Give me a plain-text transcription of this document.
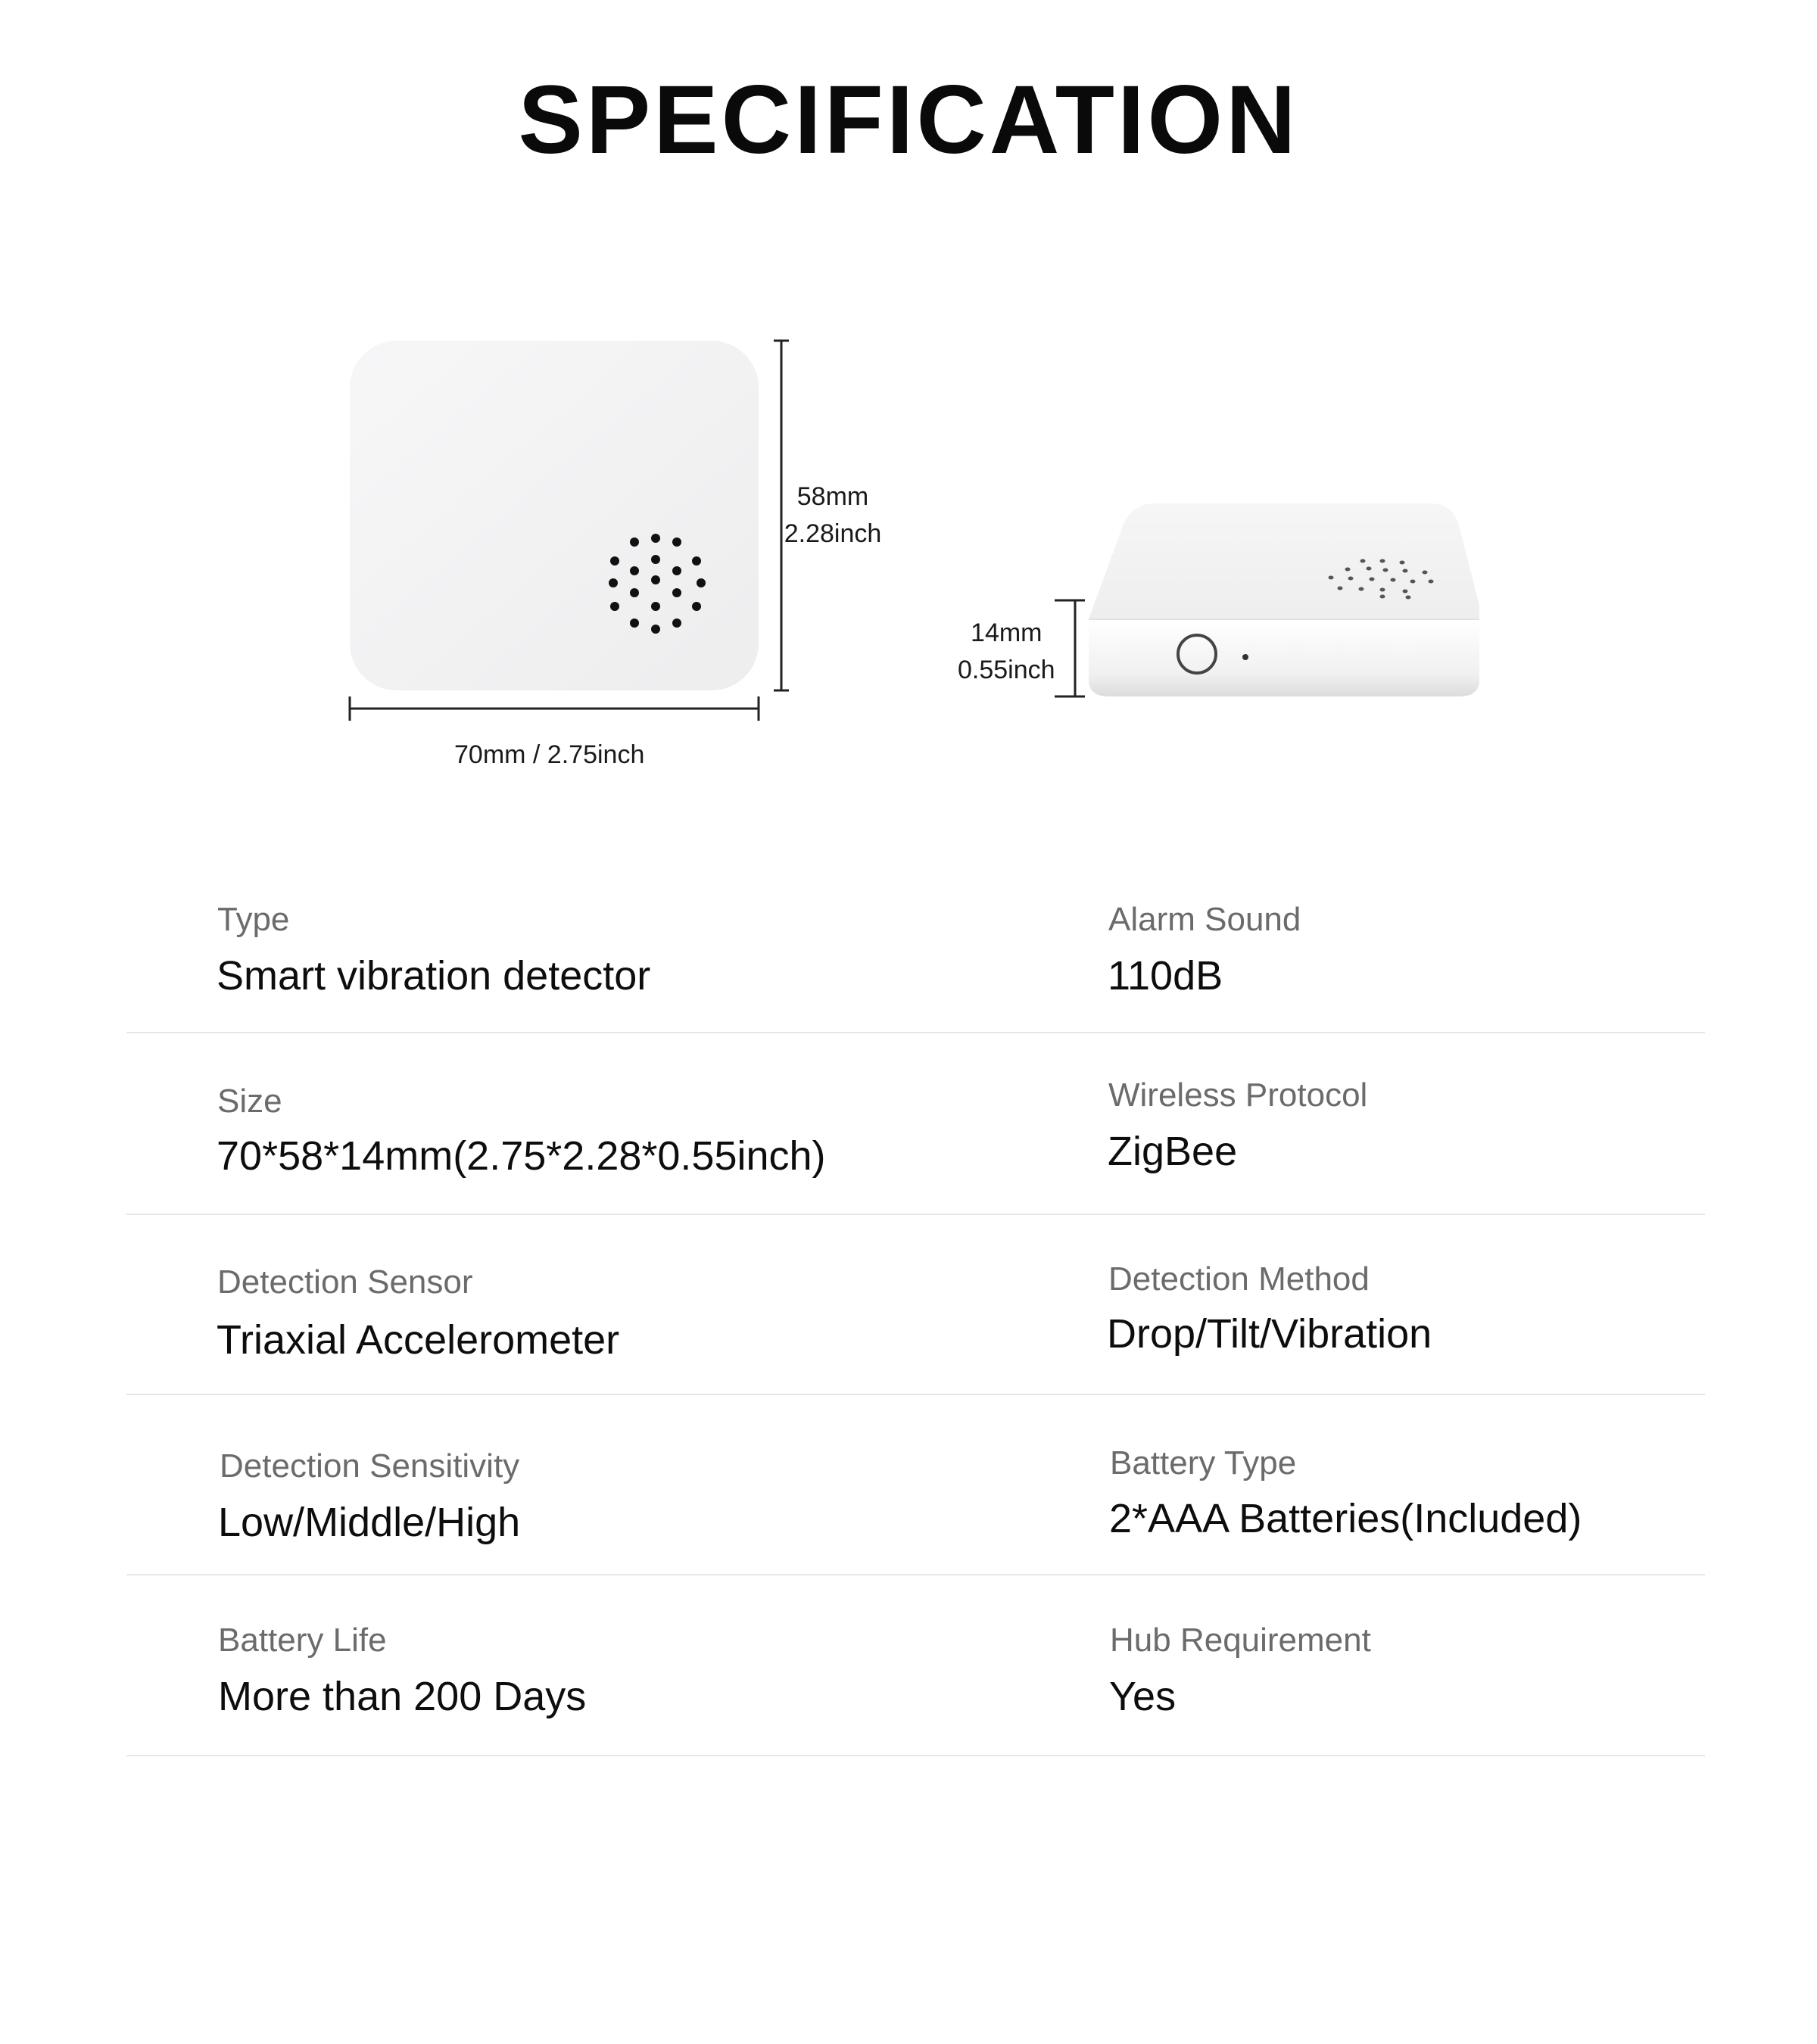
SPECIFICATION
58mm
2.28inch
70mm / 2.75inch
14mm
0.55inch
Type
Smart vibration detector
Alarm Sound
110dB
Size
70*58*14mm(2.75*2.28*0.55inch)
Wireless Protocol
ZigBee
Detection Sensor
Triaxial Accelerometer
Detection Method
Drop/Tilt/Vibration
Detection Sensitivity
Low/Middle/High
Battery Type
2*AAA Batteries(Included)
Battery Life
More than 200 Days
Hub Requirement
Yes
